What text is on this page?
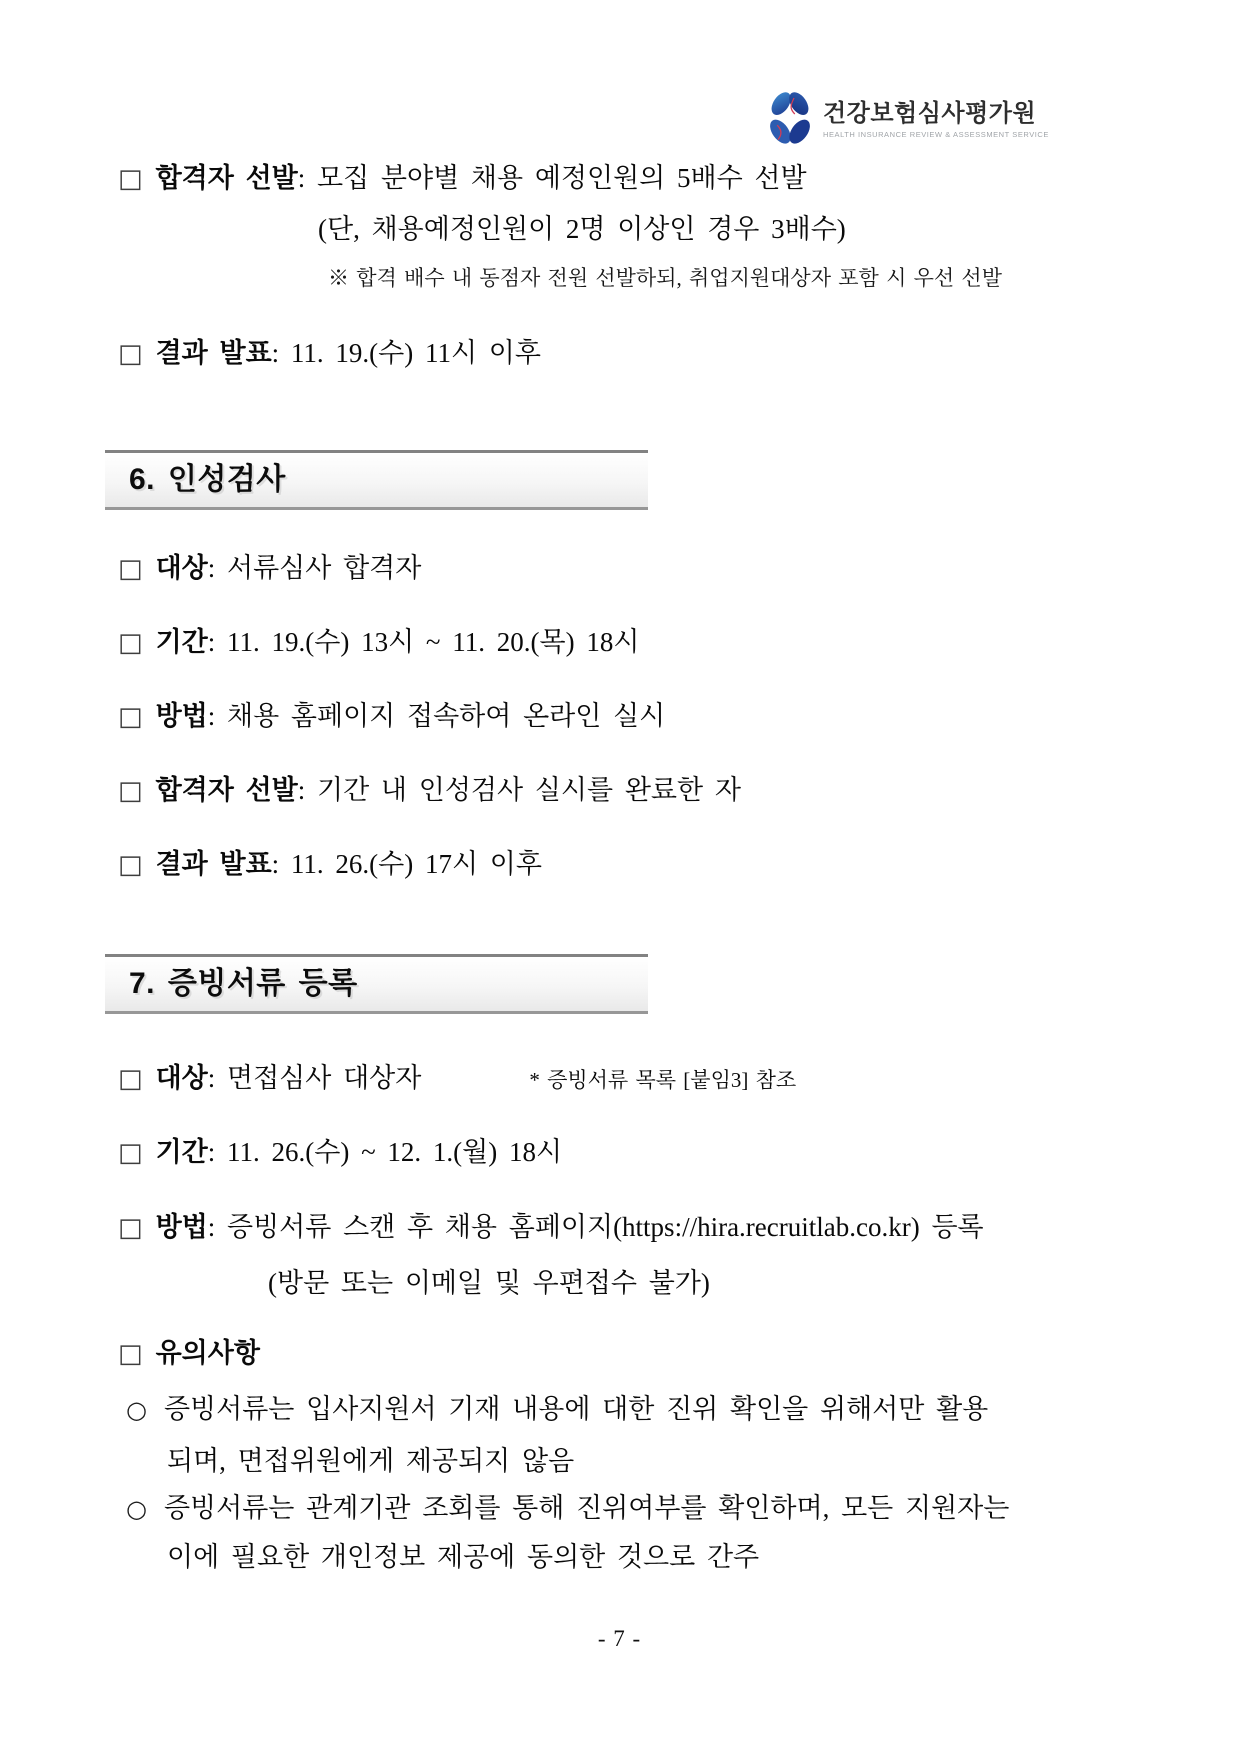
건강보험심사평가원
HEALTH INSURANCE REVIEW & ASSESSMENT SERVICE
□ 합격자 선발: 모집 분야별 채용 예정인원의 5배수 선발
(단, 채용예정인원이 2명 이상인 경우 3배수)
※ 합격 배수 내 동점자 전원 선발하되, 취업지원대상자 포함 시 우선 선발
□ 결과 발표: 11. 19.(수) 11시 이후
6. 인성검사
□ 대상: 서류심사 합격자
□ 기간: 11. 19.(수) 13시 ~ 11. 20.(목) 18시
□ 방법: 채용 홈페이지 접속하여 온라인 실시
□ 합격자 선발: 기간 내 인성검사 실시를 완료한 자
□ 결과 발표: 11. 26.(수) 17시 이후
7. 증빙서류 등록
□ 대상: 면접심사 대상자	* 증빙서류 목록 [붙임3] 참조
□ 기간: 11. 26.(수) ~ 12. 1.(월) 18시
□ 방법: 증빙서류 스캔 후 채용 홈페이지(https://hira.recruitlab.co.kr) 등록
(방문 또는 이메일 및 우편접수 불가)
□ 유의사항
○ 증빙서류는 입사지원서 기재 내용에 대한 진위 확인을 위해서만 활용
되며, 면접위원에게 제공되지 않음
○ 증빙서류는 관계기관 조회를 통해 진위여부를 확인하며, 모든 지원자는
이에 필요한 개인정보 제공에 동의한 것으로 간주
- 7 -
